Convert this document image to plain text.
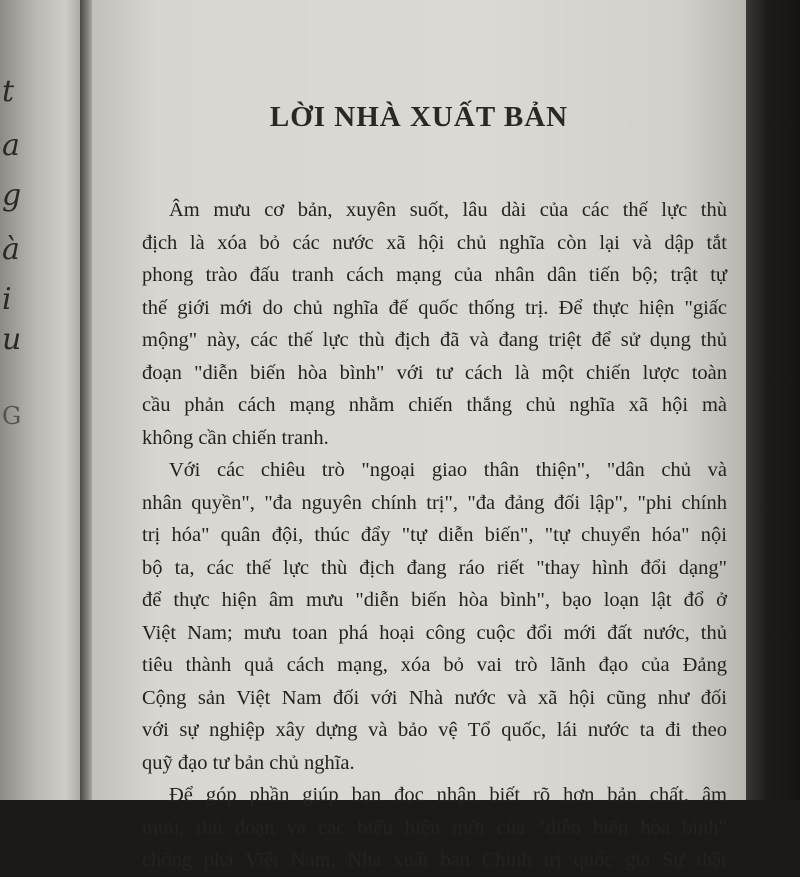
t
a
g
à
i
u
G
LỜI NHÀ XUẤT BẢN
Âm mưu cơ bản, xuyên suốt, lâu dài của các thế lực thù
địch là xóa bỏ các nước xã hội chủ nghĩa còn lại và dập tắt
phong trào đấu tranh cách mạng của nhân dân tiến bộ; trật tự
thế giới mới do chủ nghĩa đế quốc thống trị. Để thực hiện "giấc
mộng" này, các thế lực thù địch đã và đang triệt để sử dụng thủ
đoạn "diễn biến hòa bình" với tư cách là một chiến lược toàn
cầu phản cách mạng nhằm chiến thắng chủ nghĩa xã hội mà
không cần chiến tranh.
Với các chiêu trò "ngoại giao thân thiện", "dân chủ và
nhân quyền", "đa nguyên chính trị", "đa đảng đối lập", "phi chính
trị hóa" quân đội, thúc đẩy "tự diễn biến", "tự chuyển hóa" nội
bộ ta, các thế lực thù địch đang ráo riết "thay hình đổi dạng"
để thực hiện âm mưu "diễn biến hòa bình", bạo loạn lật đổ ở
Việt Nam; mưu toan phá hoại công cuộc đổi mới đất nước, thủ
tiêu thành quả cách mạng, xóa bỏ vai trò lãnh đạo của Đảng
Cộng sản Việt Nam đối với Nhà nước và xã hội cũng như đối
với sự nghiệp xây dựng và bảo vệ Tổ quốc, lái nước ta đi theo
quỹ đạo tư bản chủ nghĩa.
Để góp phần giúp bạn đọc nhận biết rõ hơn bản chất, âm
mưu, thủ đoạn và các biểu hiện mới của "diễn biến hòa bình"
chống phá Việt Nam, Nhà xuất bản Chính trị quốc gia Sự thật
